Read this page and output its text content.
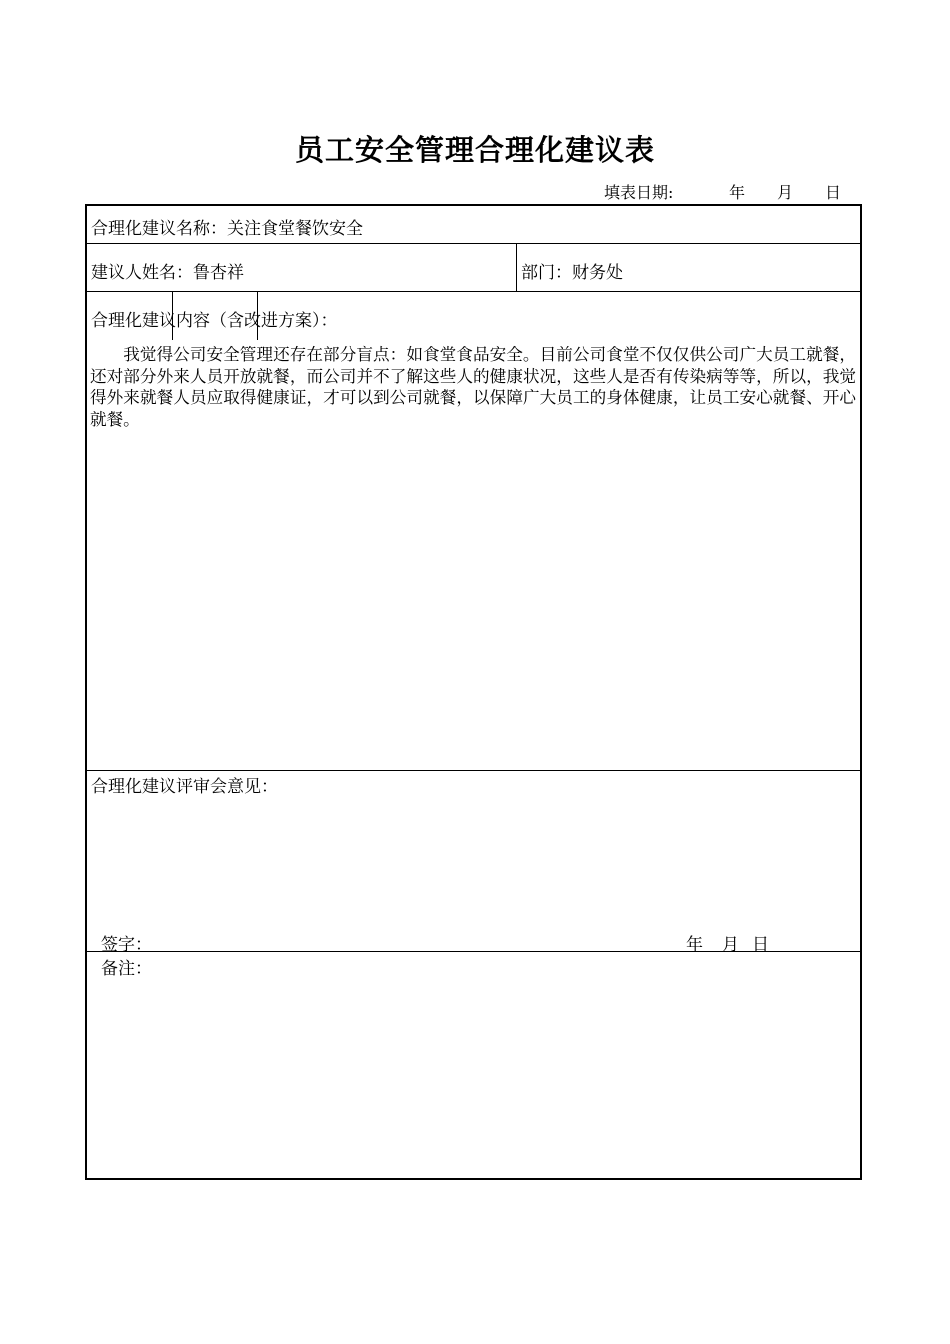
员工安全管理合理化建议表
填表日期:	年 月 日
合理化建议名称：关注食堂餐饮安全
建议人姓名：鲁杏祥	部门：财务处
合理化建议内容（含改进方案）：
我觉得公司安全管理还存在部分盲点：如食堂食品安全。目前公司食堂不仅仅供公司广大员工就餐，还对部分外来人员开放就餐，而公司并不了解这些人的健康状况，这些人是否有传染病等等，所以，我觉得外来就餐人员应取得健康证，才可以到公司就餐，以保障广大员工的身体健康，让员工安心就餐、开心就餐。
合理化建议评审会意见：
签字：	年 月 日
备注：
